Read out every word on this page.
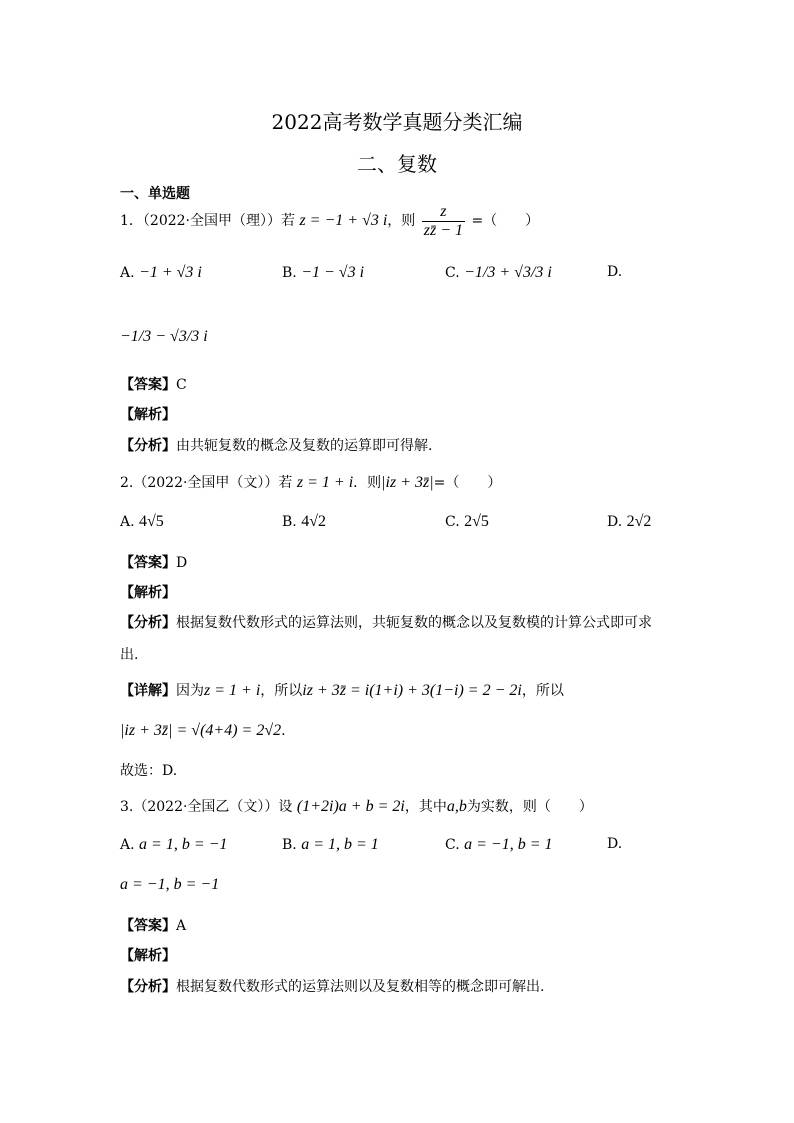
2022高考数学真题分类汇编
二、复数
一、单选题
1．（2022·全国甲（理））若 z = −1 + √3 i，则 $\frac{z}{zz̄ - 1}$ =（　　）
A. −1 + √3 i	B. −1 − √3 i	C. −1/3 + √3/3 i	D.
−1/3 − √3/3 i
【答案】C
【解析】
【分析】由共轭复数的概念及复数的运算即可得解.
2.（2022·全国甲（文））若 z = 1 + i．则|iz + 3z̄|=（　　）
A. 4√5	B. 4√2	C. 2√5	D. 2√2
【答案】D
【解析】
【分析】根据复数代数形式的运算法则，共轭复数的概念以及复数模的计算公式即可求
出.
【详解】因为z = 1 + i，所以iz + 3z̄ = i(1+i) + 3(1−i) = 2 − 2i，所以
|iz + 3z̄| = √(4+4) = 2√2.
故选：D.
3.（2022·全国乙（文））设 (1+2i)a + b = 2i，其中a,b为实数，则（　　）
A. a = 1, b = −1	B. a = 1, b = 1	C. a = −1, b = 1	D.
a = −1, b = −1
【答案】A
【解析】
【分析】根据复数代数形式的运算法则以及复数相等的概念即可解出.
